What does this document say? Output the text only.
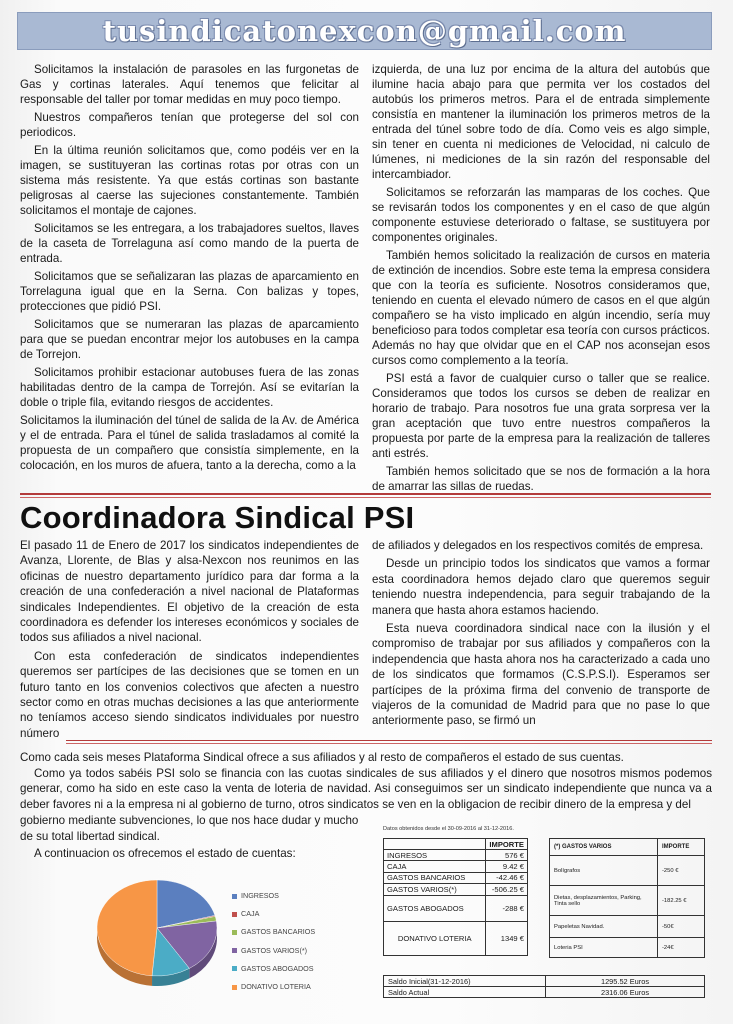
tusindicatonexcon@gmail.com

Solicitamos la instalación de parasoles en las furgonetas de Gas y cortinas laterales. Aquí tenemos que felicitar al responsable del taller por tomar medidas en muy poco tiempo.

Nuestros compañeros tenían que protegerse del sol con periodicos.

En la última reunión solicitamos que, como podéis ver en la imagen, se sustituyeran las cortinas rotas por otras con un sistema más resistente. Ya que estás cortinas son bastante peligrosas al caerse las sujeciones constantemente. También solicitamos el montaje de cajones.

Solicitamos se les entregara, a los trabajadores sueltos, llaves de la caseta de Torrelaguna así como mando de la puerta de entrada.

Solicitamos que se señalizaran las plazas de aparcamiento en Torrelaguna igual que en la Serna. Con balizas y topes, protecciones que pidió PSI.

Solicitamos que se numeraran las plazas de aparcamiento para que se puedan encontrar mejor los autobuses en la campa de Torrejon.

Solicitamos prohibir estacionar autobuses fuera de las zonas habilitadas dentro de la campa de Torrejón. Así se evitarían la doble o triple fila, evitando riesgos de accidentes.

Solicitamos la iluminación del túnel de salida de la Av. de América y el de entrada. Para el túnel de salida trasladamos al comité la propuesta de un compañero que consistía simplemente, en la colocación, en los muros de afuera, tanto a la derecha, como a la

izquierda, de una luz por encima de la altura del autobús que ilumine hacia abajo para que permita ver los costados del autobús los primeros metros. Para el de entrada simplemente consistía en mantener la iluminación los primeros metros de la entrada del túnel sobre todo de día. Como veis es algo simple, sin tener en cuenta ni mediciones de Velocidad, ni calculo de lúmenes, ni mediciones de la sin razón del responsable del intercambiador.

Solicitamos se reforzarán las mamparas de los coches. Que se revisarán todos los componentes y en el caso de que algún componente estuviese deteriorado o faltase, se sustituyera por componentes originales.

También hemos solicitado la realización de cursos en materia de extinción de incendios. Sobre este tema la empresa considera que con la teoría es suficiente. Nosotros consideramos que, teniendo en cuenta el elevado número de casos en el que algún compañero se ha visto implicado en algún incendio, sería muy beneficioso para todos completar esa teoría con cursos prácticos. Además no hay que olvidar que en el CAP nos aconsejan esos cursos como complemento a la teoría.

PSI está a favor de cualquier curso o taller que se realice. Consideramos que todos los cursos se deben de realizar en horario de trabajo. Para nosotros fue una grata sorpresa ver la gran aceptación que tuvo entre nuestros compañeros la propuesta por parte de la empresa para la realización de talleres anti estrés.

También hemos solicitado que se nos de formación a la hora de amarrar las sillas de ruedas.

Coordinadora Sindical PSI

El pasado 11 de Enero de 2017 los sindicatos independientes de Avanza, Llorente, de Blas y alsa-Nexcon nos reunimos en las oficinas de nuestro departamento jurídico para dar forma a la creación de una confederación a nivel nacional de Plataformas sindicales Independientes. El objetivo de la creación de esta coordinadora es defender los intereses económicos y sociales de todos sus afiliados a nivel nacional.

Con esta confederación de sindicatos independientes queremos ser partícipes de las decisiones que se tomen en un futuro tanto en los convenios colectivos que afecten a nuestro sector como en otras muchas decisiones a las que anteriormente no teníamos acceso siendo sindicatos individuales por nuestro número

de afiliados y delegados en los respectivos comités de empresa.

Desde un principio todos los sindicatos que vamos a formar esta coordinadora hemos dejado claro que queremos seguir teniendo nuestra independencia, para seguir trabajando de la manera que hasta ahora estamos haciendo.

Esta nueva coordinadora sindical nace con la ilusión y el compromiso de trabajar por sus afiliados y compañeros con la independencia que hasta ahora nos ha caracterizado a cada uno de los sindicatos que formamos (C.S.P.S.I). Esperamos ser partícipes de la próxima firma del convenio de transporte de viajeros de la comunidad de Madrid para que no pase lo que anteriormente paso, se firmó un

Como cada seis meses Plataforma Sindical ofrece a sus afiliados y al resto de compañeros el estado de sus cuentas.

Como ya todos sabéis PSI solo se financia con las cuotas sindicales de sus afiliados y el dinero que nosotros mismos podemos generar, como ha sido en este caso la venta de loteria de navidad. Asi conseguimos ser un sindicato independiente que nunca va a deber favores ni a la empresa ni al gobierno de turno, otros sindicatos se ven en la obligacion de recibir dinero de la empresa y del

gobierno mediante subvenciones, lo que nos hace dudar y mucho

de su total libertad sindical.

A continuacion os ofrecemos el estado de cuentas:

INGRESOS
CAJA
GASTOS BANCARIOS
GASTOS VARIOS(*)
GASTOS ABOGADOS
DONATIVO LOTERIA
Datos obtenidos desde el 30-09-2016 al 31-12-2016.
	IMPORTE
INGRESOS	576 €
CAJA	9.42 €
GASTOS BANCARIOS	-42.46 €
GASTOS VARIOS(*)	-506.25 €
GASTOS ABOGADOS	-288 €
DONATIVO LOTERIA	1349 €
(*) GASTOS VARIOS	IMPORTE
Bolígrafos	-250 €
Dietas, desplazamientos, Parking, Tinta sello	-182.25 €
Papeletas Navidad.	-50€
Loteria PSI	-24€
Saldo Inicial(31-12-2016)	1295.52 Euros
Saldo Actual	2316.06 Euros
